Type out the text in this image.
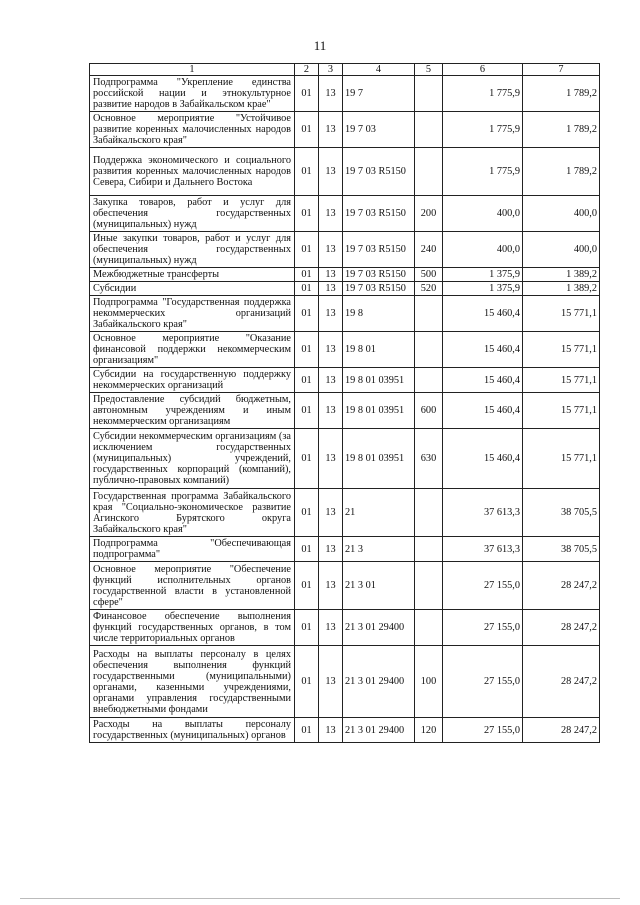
11
1	2	3	4	5	6	7
Подпрограмма "Укрепление единства российской нации и этнокультурное развитие народов в Забайкальском крае"	01	13	19 7		1 775,9	1 789,2
Основное мероприятие "Устойчивое развитие коренных малочисленных народов Забайкальского края"	01	13	19 7 03		1 775,9	1 789,2
Поддержка экономического и социального развития коренных малочисленных народов Севера, Сибири и Дальнего Востока	01	13	19 7 03 R5150		1 775,9	1 789,2
Закупка товаров, работ и услуг для обеспечения государственных (муниципальных) нужд	01	13	19 7 03 R5150	200	400,0	400,0
Иные закупки товаров, работ и услуг для обеспечения государственных (муниципальных) нужд	01	13	19 7 03 R5150	240	400,0	400,0
Межбюджетные трансферты	01	13	19 7 03 R5150	500	1 375,9	1 389,2
Субсидии	01	13	19 7 03 R5150	520	1 375,9	1 389,2
Подпрограмма "Государственная поддержка некоммерческих организаций Забайкальского края"	01	13	19 8		15 460,4	15 771,1
Основное мероприятие "Оказание финансовой поддержки некоммерческим организациям"	01	13	19 8 01		15 460,4	15 771,1
Субсидии на государственную поддержку некоммерческих организаций	01	13	19 8 01 03951		15 460,4	15 771,1
Предоставление субсидий бюджетным, автономным учреждениям и иным некоммерческим организациям	01	13	19 8 01 03951	600	15 460,4	15 771,1
Субсидии некоммерческим организациям (за исключением государственных (муниципальных) учреждений, государственных корпораций (компаний), публично-правовых компаний)	01	13	19 8 01 03951	630	15 460,4	15 771,1
Государственная программа Забайкальского края "Социально-экономическое развитие Агинского Бурятского округа Забайкальского края"	01	13	21		37 613,3	38 705,5
Подпрограмма "Обеспечивающая подпрограмма"	01	13	21 3		37 613,3	38 705,5
Основное мероприятие "Обеспечение функций исполнительных органов государственной власти в установленной сфере"	01	13	21 3 01		27 155,0	28 247,2
Финансовое обеспечение выполнения функций государственных органов, в том числе территориальных органов	01	13	21 3 01 29400		27 155,0	28 247,2
Расходы на выплаты персоналу в целях обеспечения выполнения функций государственными (муниципальными) органами, казенными учреждениями, органами управления государственными внебюджетными фондами	01	13	21 3 01 29400	100	27 155,0	28 247,2
Расходы на выплаты персоналу государственных (муниципальных) органов	01	13	21 3 01 29400	120	27 155,0	28 247,2
